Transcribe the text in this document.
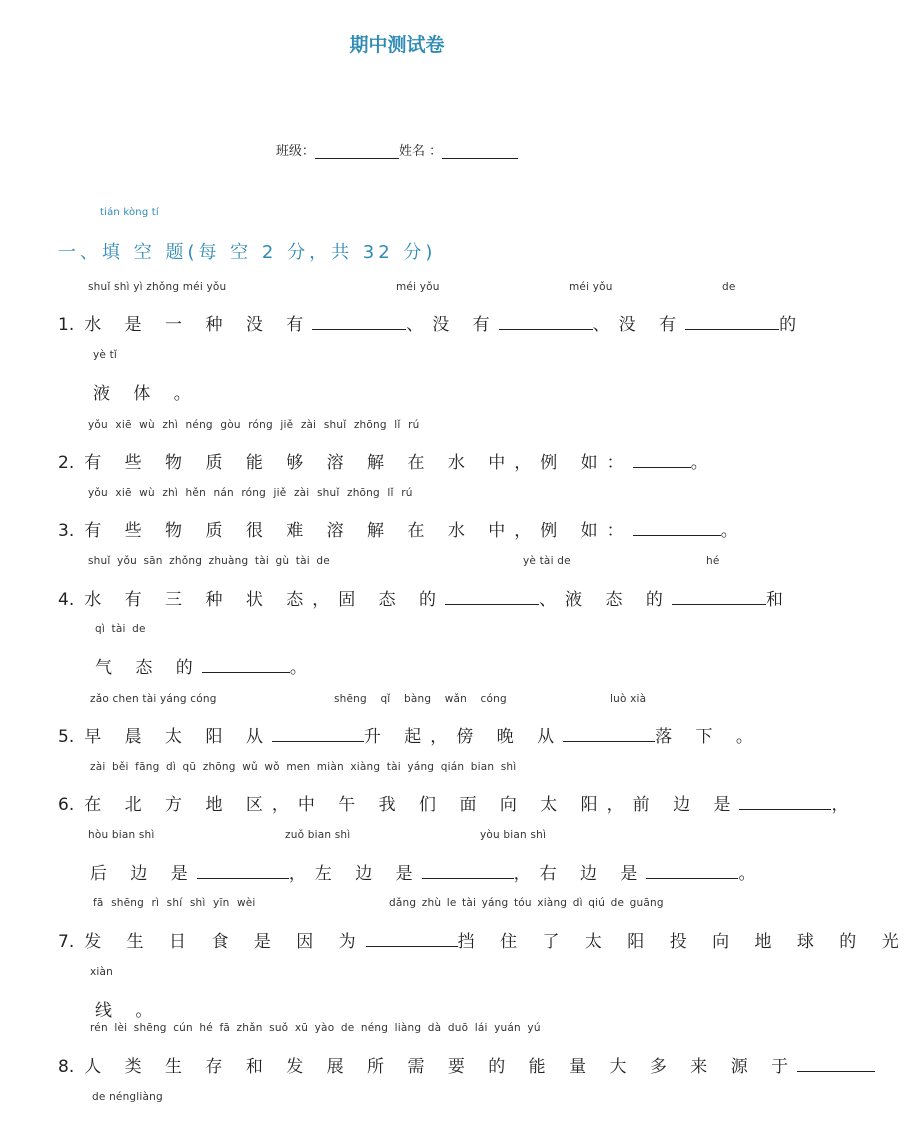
期中测试卷
班级：	姓名 ：
tián kòng tí
一、填 空 题(每 空 2 分，共 32 分)
shuǐ shì yì zhǒng méi yǒu	méi yǒu	méi yǒu	de
1. 水 是 一 种 没 有	、没 有	、没 有	的
yè tǐ
液 体 。
yǒu xiē wù zhì néng gòu róng jiě zài shuǐ zhōng lǐ rú
2. 有 些 物 质 能 够 溶 解 在 水 中，例 如：	。
yǒu xiē wù zhì hěn nán róng jiě zài shuǐ zhōng lǐ rú
3. 有 些 物 质 很 难 溶 解 在 水 中，例 如：	。
shuǐ yǒu sān zhǒng zhuàng tài gù tài de	yè tài de	hé
4. 水 有 三 种 状 态，固 态 的	、液 态 的	和
qì tài de
气 态 的	。
zǎo chen tài yáng cóng	shēng qǐ bàng wǎn cóng	luò xià
5. 早 晨 太 阳 从	升 起，傍 晚 从	落 下 。
zài běi fāng dì qū zhōng wǔ wǒ men miàn xiàng tài yáng qián bian shì
6. 在 北 方 地 区，中 午 我 们 面 向 太 阳，前 边 是	，
hòu bian shì	zuǒ bian shì	yòu bian shì
后 边 是	，左 边 是	，右 边 是	。
fā shēng rì shí shì yīn wèi	dǎng zhù le tài yáng tóu xiàng dì qiú de guāng
7. 发 生 日 食 是 因 为	挡 住 了 太 阳 投 向 地 球 的 光
xiàn
线 。
rén lèi shēng cún hé fā zhǎn suǒ xū yào de néng liàng dà duō lái yuán yú
8. 人 类 生 存 和 发 展 所 需 要 的 能 量 大 多 来 源 于
de néngliàng
